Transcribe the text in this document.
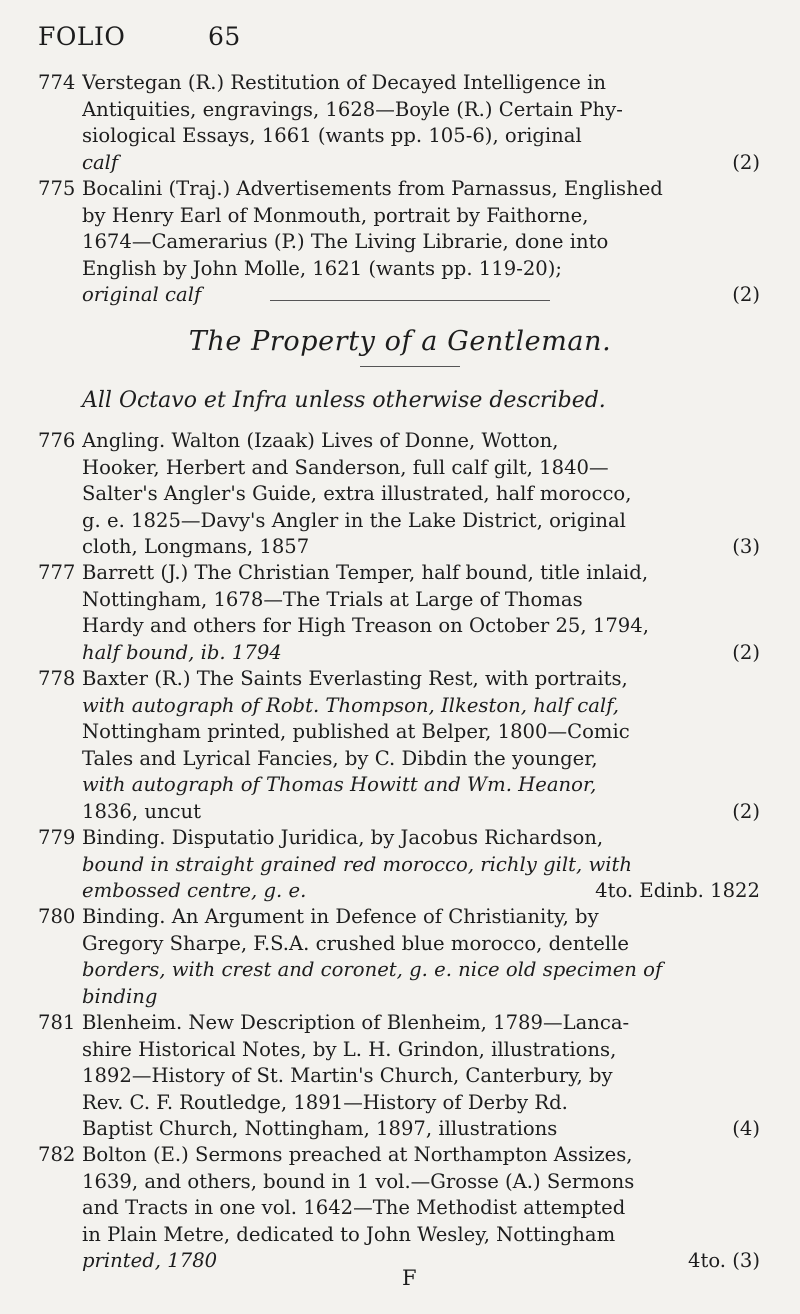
FOLIO	65
774 Verstegan (R.) Restitution of Decayed Intelligence in
Antiquities, engravings, 1628—Boyle (R.) Certain Phy-
siological Essays, 1661 (wants pp. 105-6), original
calf	(2)
775 Bocalini (Traj.) Advertisements from Parnassus, Englished
by Henry Earl of Monmouth, portrait by Faithorne,
1674—Camerarius (P.) The Living Librarie, done into
English by John Molle, 1621 (wants pp. 119-20);
original calf	(2)
The Property of a Gentleman.
All Octavo et Infra unless otherwise described.
776 Angling. Walton (Izaak) Lives of Donne, Wotton,
Hooker, Herbert and Sanderson, full calf gilt, 1840—
Salter's Angler's Guide, extra illustrated, half morocco,
g. e. 1825—Davy's Angler in the Lake District, original
cloth, Longmans, 1857	(3)
777 Barrett (J.) The Christian Temper, half bound, title inlaid,
Nottingham, 1678—The Trials at Large of Thomas
Hardy and others for High Treason on October 25, 1794,
half bound, ib. 1794	(2)
778 Baxter (R.) The Saints Everlasting Rest, with portraits,
with autograph of Robt. Thompson, Ilkeston, half calf,
Nottingham printed, published at Belper, 1800—Comic
Tales and Lyrical Fancies, by C. Dibdin the younger,
with autograph of Thomas Howitt and Wm. Heanor,
1836, uncut	(2)
779 Binding. Disputatio Juridica, by Jacobus Richardson,
bound in straight grained red morocco, richly gilt, with
embossed centre, g. e.	4to. Edinb. 1822
780 Binding. An Argument in Defence of Christianity, by
Gregory Sharpe, F.S.A. crushed blue morocco, dentelle
borders, with crest and coronet, g. e. nice old specimen of
binding
781 Blenheim. New Description of Blenheim, 1789—Lanca-
shire Historical Notes, by L. H. Grindon, illustrations,
1892—History of St. Martin's Church, Canterbury, by
Rev. C. F. Routledge, 1891—History of Derby Rd.
Baptist Church, Nottingham, 1897, illustrations	(4)
782 Bolton (E.) Sermons preached at Northampton Assizes,
1639, and others, bound in 1 vol.—Grosse (A.) Sermons
and Tracts in one vol. 1642—The Methodist attempted
in Plain Metre, dedicated to John Wesley, Nottingham
printed, 1780	4to. (3)
F
